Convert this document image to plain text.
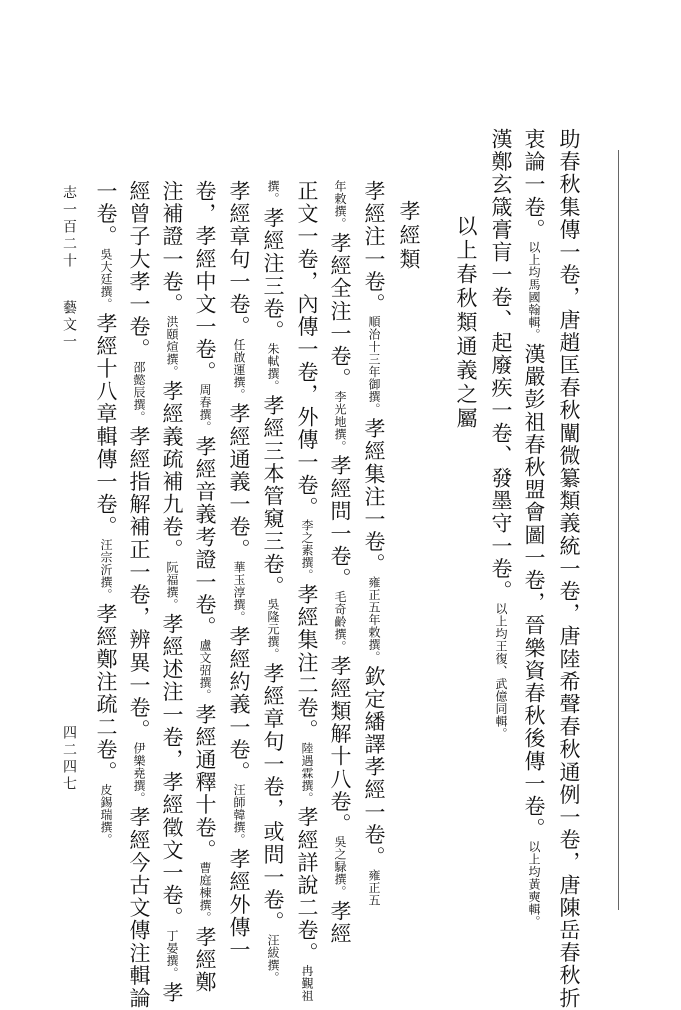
助春秋集傳一卷，唐趙匡春秋闡微纂類義統一卷，唐陸希聲春秋通例一卷，唐陳岳春秋折
衷論一卷。以上均馬國翰輯。漢嚴彭祖春秋盟會圖一卷，晉樂資春秋後傳一卷。以上均黃奭輯。
漢鄭玄箴膏肓一卷、起廢疾一卷、發墨守一卷。以上均王復、武億同輯。
以上春秋類通義之屬
孝經類
孝經注一卷。順治十三年御撰。孝經集注一卷。雍正五年敕撰。欽定繙譯孝經一卷。雍正五
年敕撰。孝經全注一卷。李光地撰。孝經問一卷。毛奇齡撰。孝經類解十八卷。吳之騄撰。孝經
正文一卷，內傳一卷，外傳一卷。李之素撰。孝經集注二卷。陸遇霖撰。孝經詳說二卷。冉覲祖
撰。孝經注三卷。朱軾撰。孝經三本管窺三卷。吳隆元撰。孝經章句一卷，或問一卷。汪紱撰。
孝經章句一卷。任啟運撰。孝經通義一卷。華玉淳撰。孝經約義一卷。汪師韓撰。孝經外傳一
卷，孝經中文一卷。周春撰。孝經音義考證一卷。盧文弨撰。孝經通釋十卷。曹庭棟撰。孝經鄭
注補證一卷。洪頤煊撰。孝經義疏補九卷。阮福撰。孝經述注一卷，孝經徵文一卷。丁晏撰。孝
經曾子大孝一卷。邵懿辰撰。孝經指解補正一卷，辨異一卷。伊樂堯撰。孝經今古文傳注輯論
一卷。吳大廷撰。孝經十八章輯傳一卷。汪宗沂撰。孝經鄭注疏二卷。皮錫瑞撰。
志一百二十
藝文一
四二四七
